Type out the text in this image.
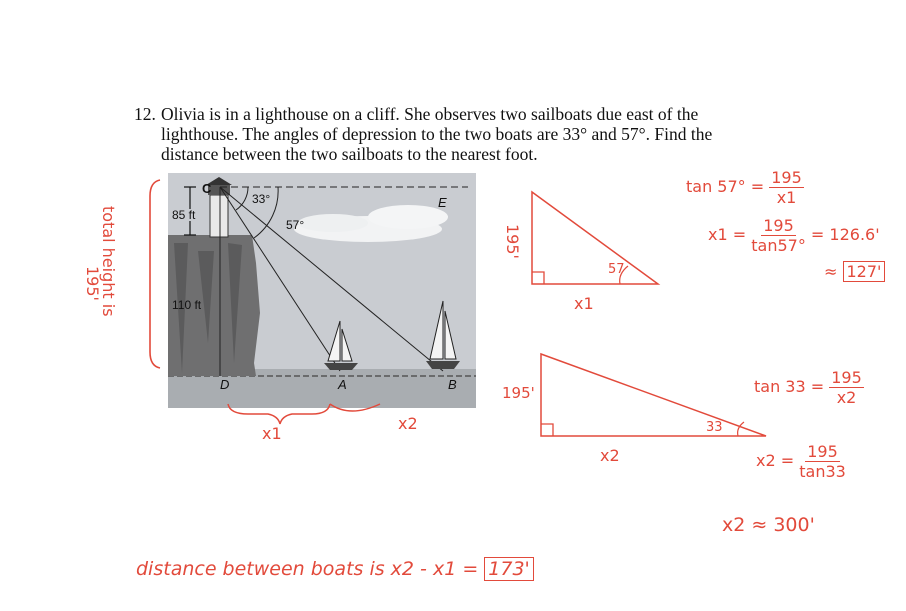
12. Olivia is in a lighthouse on a cliff. She observes two sailboats due east of the
lighthouse. The angles of depression to the two boats are 33° and 57°. Find the
distance between the two sailboats to the nearest foot.
C
E
D	A	B
85 ft
110 ft
33°
57°
total height is
195'
x1
x2
195'
57
x1
195'
33
x2
$\tan 57^\circ = \frac{195}{x1}$
$x1 = \frac{195}{\tan 57^\circ} = 126.6'$
≈ 127'
$\tan 33 = \frac{195}{x2}$
$x2 = \frac{195}{\tan 33}$
x2 ≈ 300'
distance between boats is x2 - x1 = 173'
